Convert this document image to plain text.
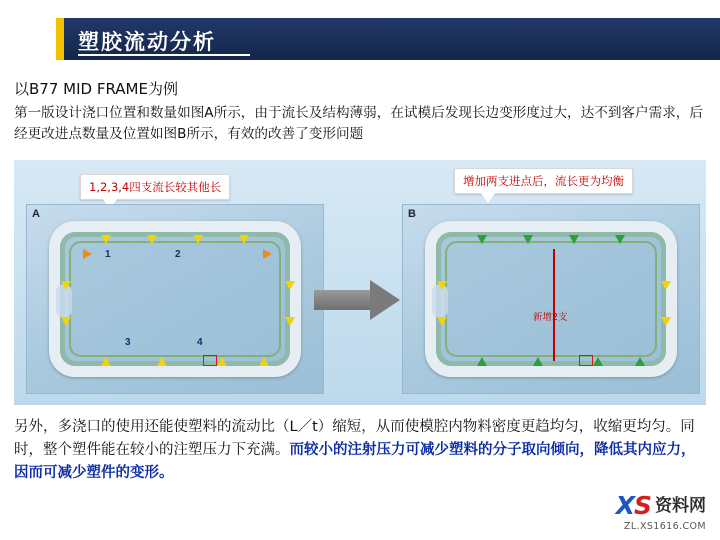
塑胶流动分析
以B77 MID FRAME为例
第一版设计浇口位置和数量如图A所示，由于流长及结构薄弱，在试模后发现长边变形度过大，达不到客户需求，后经更改进点数量及位置如图B所示，有效的改善了变形问题
1,2,3,4四支流长较其他长	增加两支进点后，流长更为均衡
A
1	2
3	4
B
新增2支
另外，多浇口的使用还能使塑料的流动比（L／t）缩短，从而使模腔内物料密度更趋均匀，收缩更均匀。同时，整个塑件能在较小的注塑压力下充满。而较小的注射压力可减少塑料的分子取向倾向，降低其内应力，因而可减少塑件的变形。
XS 资料网
ZL.XS1616.COM
